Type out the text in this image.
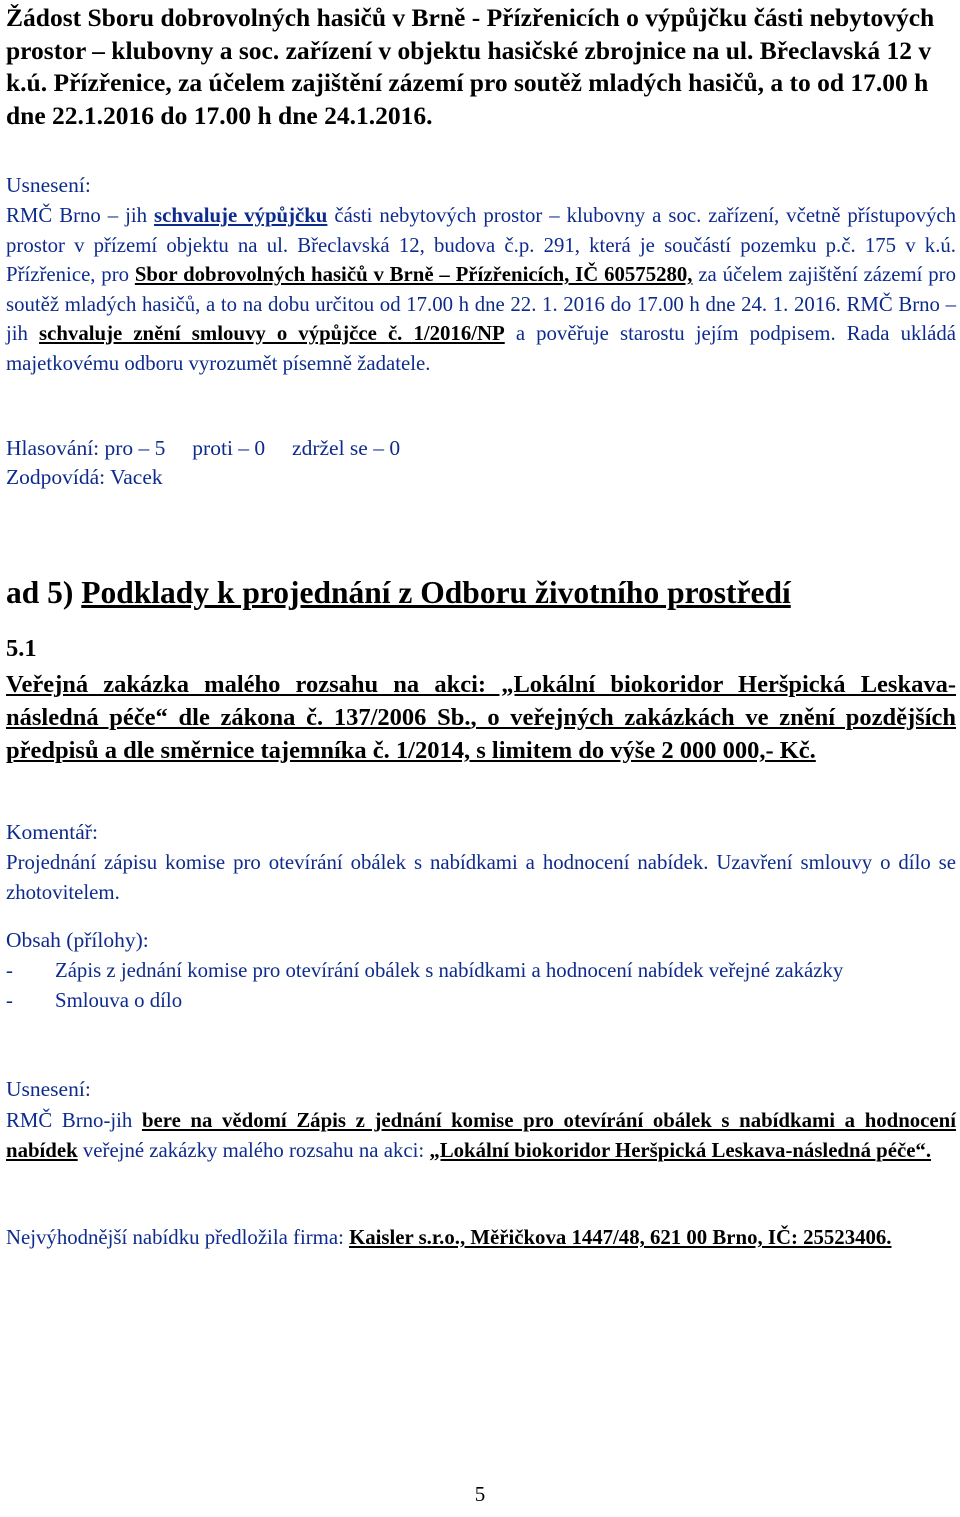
Žádost Sboru dobrovolných hasičů v Brně - Přízřenicích o výpůjčku části nebytových prostor – klubovny a soc. zařízení v objektu hasičské zbrojnice na ul. Břeclavská 12 v k.ú. Přízřenice, za účelem zajištění zázemí pro soutěž mladých hasičů, a to od 17.00 h dne 22.1.2016 do 17.00 h dne 24.1.2016.

Usnesení:

RMČ Brno – jih schvaluje výpůjčku části nebytových prostor – klubovny a soc. zařízení, včetně přístupových prostor v přízemí objektu na ul. Břeclavská 12, budova č.p. 291, která je součástí pozemku p.č. 175 v k.ú. Přízřenice, pro Sbor dobrovolných hasičů v Brně – Přízřenicích, IČ 60575280, za účelem zajištění zázemí pro soutěž mladých hasičů, a to na dobu určitou od 17.00 h dne 22. 1. 2016 do 17.00 h dne 24. 1. 2016. RMČ Brno – jih schvaluje znění smlouvy o výpůjčce č. 1/2016/NP a pověřuje starostu jejím podpisem. Rada ukládá majetkovému odboru vyrozumět písemně žadatele.

Hlasování: pro – 5     proti – 0     zdržel se – 0

Zodpovídá: Vacek

ad 5) Podklady k projednání z Odboru životního prostředí

5.1

Veřejná zakázka malého rozsahu na akci: „Lokální biokoridor Heršpická Leskava-následná péče“ dle zákona č. 137/2006 Sb., o veřejných zakázkách ve znění pozdějších předpisů a dle směrnice tajemníka č. 1/2014, s limitem do výše 2 000 000,- Kč.

Komentář:

Projednání zápisu komise pro otevírání obálek s nabídkami a hodnocení nabídek. Uzavření smlouvy o dílo se zhotovitelem.

Obsah (přílohy):
- Zápis z jednání komise pro otevírání obálek s nabídkami a hodnocení nabídek veřejné zakázky
- Smlouva o dílo
Usnesení:

RMČ Brno-jih bere na vědomí Zápis z jednání komise pro otevírání obálek s nabídkami a hodnocení nabídek veřejné zakázky malého rozsahu na akci: „Lokální biokoridor Heršpická Leskava-následná péče“.

Nejvýhodnější nabídku předložila firma: Kaisler s.r.o., Měřičkova 1447/48, 621 00 Brno, IČ: 25523406.

5
